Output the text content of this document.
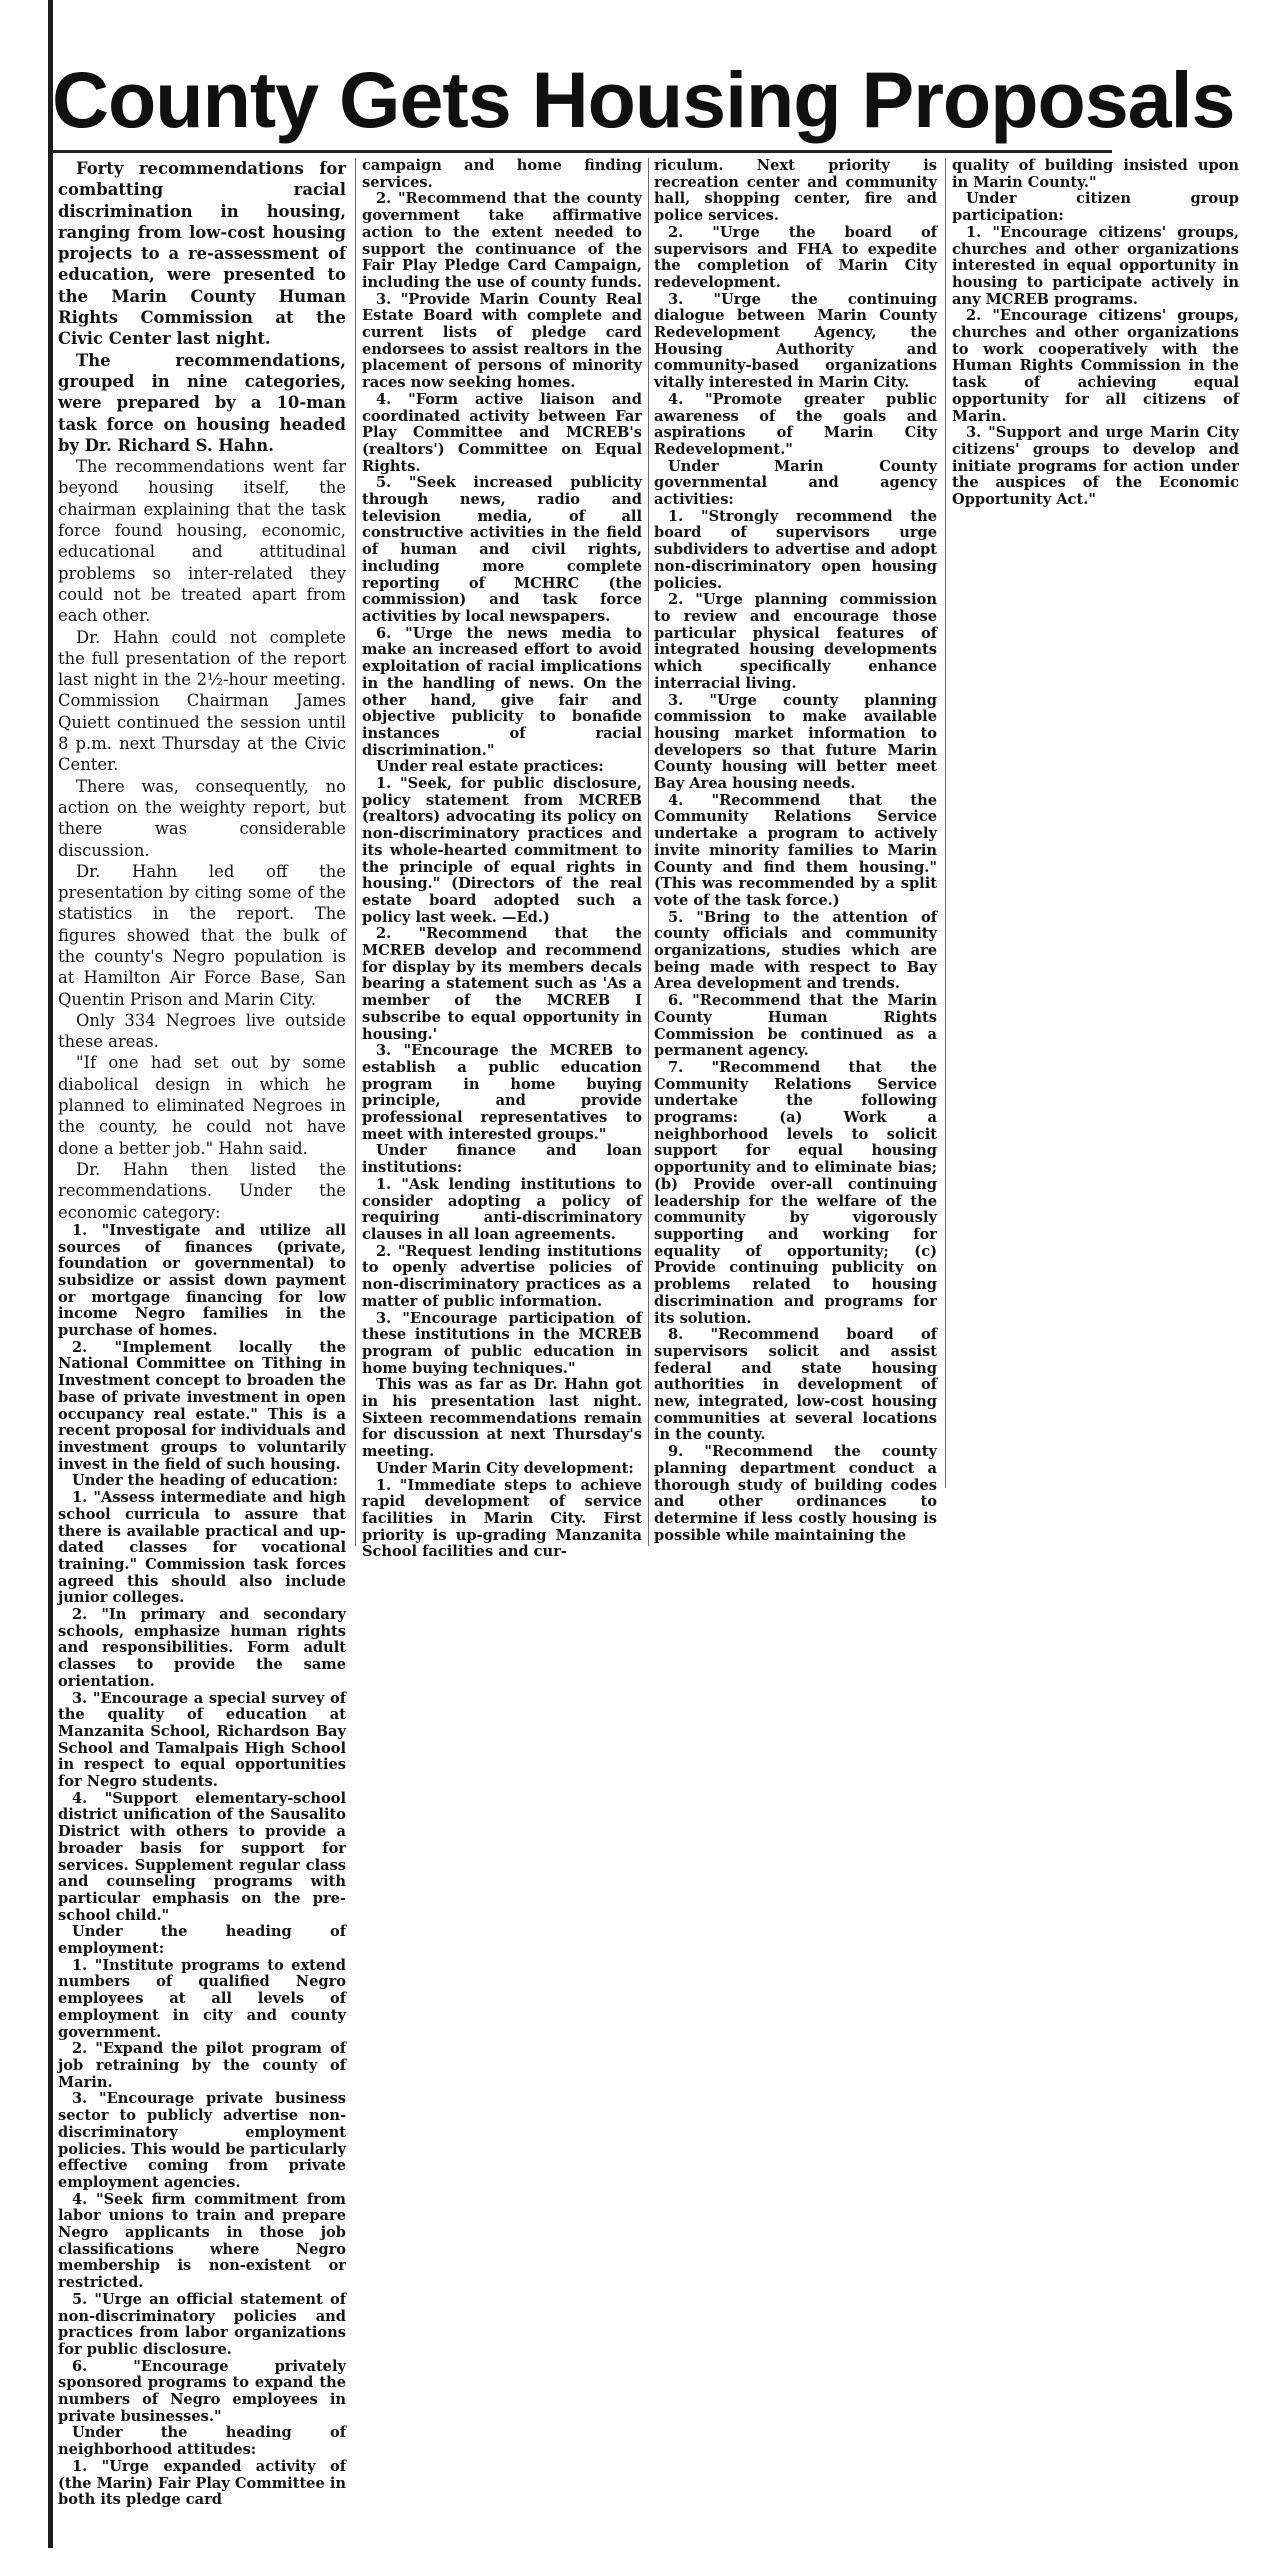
County Gets Housing Proposals

Forty recommendations for combatting racial discrimination in housing, ranging from low-cost housing projects to a re-assessment of education, were presented to the Marin County Human Rights Commission at the Civic Center last night.

The recommendations, grouped in nine categories, were prepared by a 10-man task force on housing headed by Dr. Richard S. Hahn.

The recommendations went far beyond housing itself, the chairman explaining that the task force found housing, economic, educational and attitudinal problems so inter-related they could not be treated apart from each other.

Dr. Hahn could not complete the full presentation of the report last night in the 2½-hour meeting. Commission Chairman James Quiett continued the session until 8 p.m. next Thursday at the Civic Center.

There was, consequently, no action on the weighty report, but there was considerable discussion.

Dr. Hahn led off the presentation by citing some of the statistics in the report. The figures showed that the bulk of the county's Negro population is at Hamilton Air Force Base, San Quentin Prison and Marin City.

Only 334 Negroes live outside these areas.

"If one had set out by some diabolical design in which he planned to eliminated Negroes in the county, he could not have done a better job." Hahn said.

Dr. Hahn then listed the recommendations. Under the economic category:

1. "Investigate and utilize all sources of finances (private, foundation or governmental) to subsidize or assist down payment or mortgage financing for low income Negro families in the purchase of homes.

2. "Implement locally the National Committee on Tithing in Investment concept to broaden the base of private investment in open occupancy real estate." This is a recent proposal for individuals and investment groups to voluntarily invest in the field of such housing.

Under the heading of education:

1. "Assess intermediate and high school curricula to assure that there is available practical and up-dated classes for vocational training." Commission task forces agreed this should also include junior colleges.

2. "In primary and secondary schools, emphasize human rights and responsibilities. Form adult classes to provide the same orientation.

3. "Encourage a special survey of the quality of education at Manzanita School, Richardson Bay School and Tamalpais High School in respect to equal opportunities for Negro students.

4. "Support elementary-school district unification of the Sausalito District with others to provide a broader basis for support for services. Supplement regular class and counseling programs with particular emphasis on the pre-school child."

Under the heading of employment:

1. "Institute programs to extend numbers of qualified Negro employees at all levels of employment in city and county government.

2. "Expand the pilot program of job retraining by the county of Marin.

3. "Encourage private business sector to publicly advertise non-discriminatory employment policies. This would be particularly effective coming from private employment agencies.

4. "Seek firm commitment from labor unions to train and prepare Negro applicants in those job classifications where Negro membership is non-existent or restricted.

5. "Urge an official statement of non-discriminatory policies and practices from labor organizations for public disclosure.

6. "Encourage privately sponsored programs to expand the numbers of Negro employees in private businesses."

Under the heading of neighborhood attitudes:

1. "Urge expanded activity of (the Marin) Fair Play Committee in both its pledge card

campaign and home finding services.

2. "Recommend that the county government take affirmative action to the extent needed to support the continuance of the Fair Play Pledge Card Campaign, including the use of county funds.

3. "Provide Marin County Real Estate Board with complete and current lists of pledge card endorsees to assist realtors in the placement of persons of minority races now seeking homes.

4. "Form active liaison and coordinated activity between Far Play Committee and MCREB's (realtors') Committee on Equal Rights.

5. "Seek increased publicity through news, radio and television media, of all constructive activities in the field of human and civil rights, including more complete reporting of MCHRC (the commission) and task force activities by local newspapers.

6. "Urge the news media to make an increased effort to avoid exploitation of racial implications in the handling of news. On the other hand, give fair and objective publicity to bonafide instances of racial discrimination."

Under real estate practices:

1. "Seek, for public disclosure, policy statement from MCREB (realtors) advocating its policy on non-discriminatory practices and its whole-hearted commitment to the principle of equal rights in housing." (Directors of the real estate board adopted such a policy last week. —Ed.)

2. "Recommend that the MCREB develop and recommend for display by its members decals bearing a statement such as 'As a member of the MCREB I subscribe to equal opportunity in housing.'

3. "Encourage the MCREB to establish a public education program in home buying principle, and provide professional representatives to meet with interested groups."

Under finance and loan institutions:

1. "Ask lending institutions to consider adopting a policy of requiring anti-discriminatory clauses in all loan agreements.

2. "Request lending institutions to openly advertise policies of non-discriminatory practices as a matter of public information.

3. "Encourage participation of these institutions in the MCREB program of public education in home buying techniques."

This was as far as Dr. Hahn got in his presentation last night. Sixteen recommendations remain for discussion at next Thursday's meeting.

Under Marin City development:

1. "Immediate steps to achieve rapid development of service facilities in Marin City. First priority is up-grading Manzanita School facilities and cur-

riculum. Next priority is recreation center and community hall, shopping center, fire and police services.

2. "Urge the board of supervisors and FHA to expedite the completion of Marin City redevelopment.

3. "Urge the continuing dialogue between Marin County Redevelopment Agency, the Housing Authority and community-based organizations vitally interested in Marin City.

4. "Promote greater public awareness of the goals and aspirations of Marin City Redevelopment."

Under Marin County governmental and agency activities:

1. "Strongly recommend the board of supervisors urge subdividers to advertise and adopt non-discriminatory open housing policies.

2. "Urge planning commission to review and encourage those particular physical features of integrated housing developments which specifically enhance interracial living.

3. "Urge county planning commission to make available housing market information to developers so that future Marin County housing will better meet Bay Area housing needs.

4. "Recommend that the Community Relations Service undertake a program to actively invite minority families to Marin County and find them housing." (This was recommended by a split vote of the task force.)

5. "Bring to the attention of county officials and community organizations, studies which are being made with respect to Bay Area development and trends.

6. "Recommend that the Marin County Human Rights Commission be continued as a permanent agency.

7. "Recommend that the Community Relations Service undertake the following programs: (a) Work a neighborhood levels to solicit support for equal housing opportunity and to eliminate bias; (b) Provide over-all continuing leadership for the welfare of the community by vigorously supporting and working for equality of opportunity; (c) Provide continuing publicity on problems related to housing discrimination and programs for its solution.

8. "Recommend board of supervisors solicit and assist federal and state housing authorities in development of new, integrated, low-cost housing communities at several locations in the county.

9. "Recommend the county planning department conduct a thorough study of building codes and other ordinances to determine if less costly housing is possible while maintaining the

quality of building insisted upon in Marin County."

Under citizen group participation:

1. "Encourage citizens' groups, churches and other organizations interested in equal opportunity in housing to participate actively in any MCREB programs.

2. "Encourage citizens' groups, churches and other organizations to work cooperatively with the Human Rights Commission in the task of achieving equal opportunity for all citizens of Marin.

3. "Support and urge Marin City citizens' groups to develop and initiate programs for action under the auspices of the Economic Opportunity Act."
